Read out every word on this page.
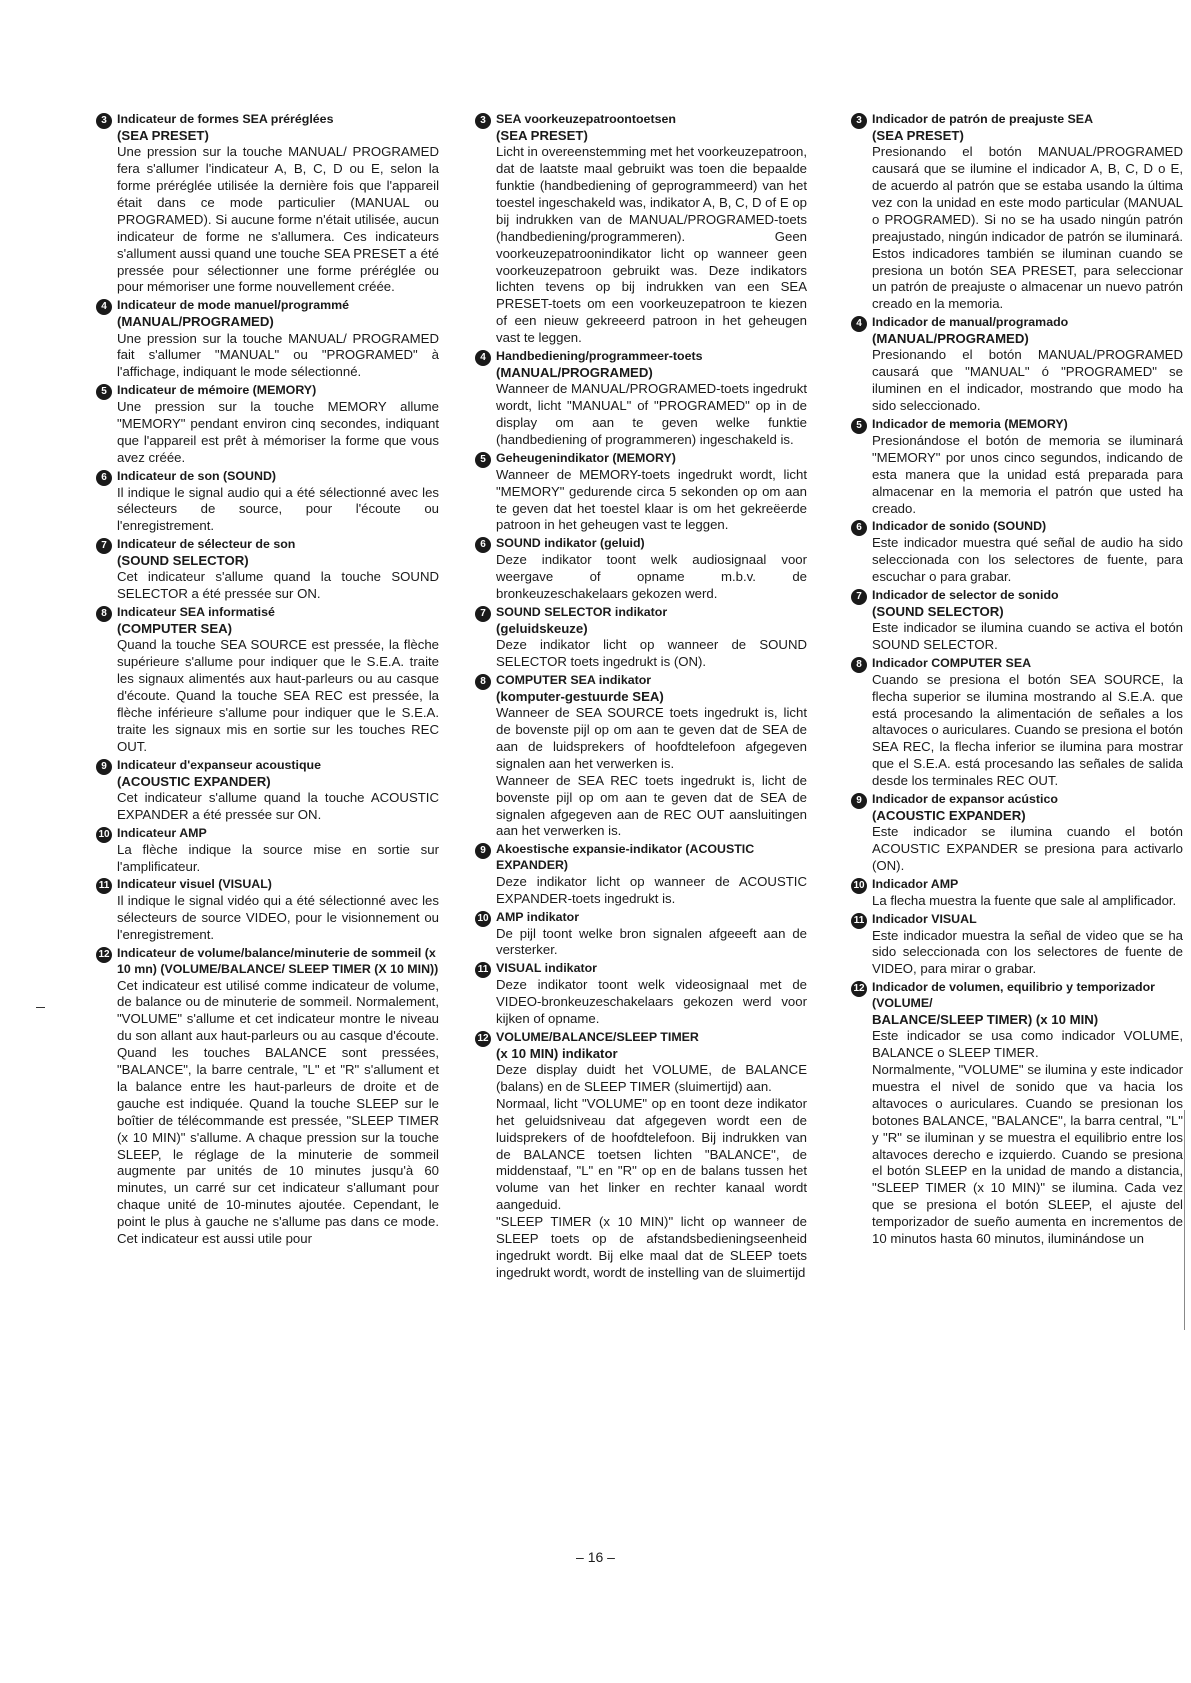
3 Indicateur de formes SEA préréglées
(SEA PRESET)
Une pression sur la touche MANUAL/ PROGRAMED fera s'allumer l'indicateur A, B, C, D ou E, selon la forme préréglée utilisée la dernière fois que l'appareil était dans ce mode particulier (MANUAL ou PROGRAMED). Si aucune forme n'était utilisée, aucun indicateur de forme ne s'allumera. Ces indicateurs s'allument aussi quand une touche SEA PRESET a été pressée pour sélectionner une forme préréglée ou pour mémoriser une forme nouvellement créée.
4 Indicateur de mode manuel/programmé
(MANUAL/PROGRAMED)
Une pression sur la touche MANUAL/ PROGRAMED fait s'allumer "MANUAL" ou "PROGRAMED" à l'affichage, indiquant le mode sélectionné.
5 Indicateur de mémoire (MEMORY)
Une pression sur la touche MEMORY allume "MEMORY" pendant environ cinq secondes, indiquant que l'appareil est prêt à mémoriser la forme que vous avez créée.
6 Indicateur de son (SOUND)
Il indique le signal audio qui a été sélectionné avec les sélecteurs de source, pour l'écoute ou l'enregistrement.
7 Indicateur de sélecteur de son
(SOUND SELECTOR)
Cet indicateur s'allume quand la touche SOUND SELECTOR a été pressée sur ON.
8 Indicateur SEA informatisé
(COMPUTER SEA)
Quand la touche SEA SOURCE est pressée, la flèche supérieure s'allume pour indiquer que le S.E.A. traite les signaux alimentés aux haut-parleurs ou au casque d'écoute. Quand la touche SEA REC est pressée, la flèche inférieure s'allume pour indiquer que le S.E.A. traite les signaux mis en sortie sur les touches REC OUT.
9 Indicateur d'expanseur acoustique
(ACOUSTIC EXPANDER)
Cet indicateur s'allume quand la touche ACOUSTIC EXPANDER a été pressée sur ON.
10 Indicateur AMP
La flèche indique la source mise en sortie sur l'amplificateur.
11 Indicateur visuel (VISUAL)
Il indique le signal vidéo qui a été sélectionné avec les sélecteurs de source VIDEO, pour le visionnement ou l'enregistrement.
12 Indicateur de volume/balance/minuterie de sommeil (x 10 mn) (VOLUME/BALANCE/ SLEEP TIMER (X 10 MIN))
Cet indicateur est utilisé comme indicateur de volume, de balance ou de minuterie de sommeil. Normalement, "VOLUME" s'allume et cet indicateur montre le niveau du son allant aux haut-parleurs ou au casque d'écoute. Quand les touches BALANCE sont pressées, "BALANCE", la barre centrale, "L" et "R" s'allument et la balance entre les haut-parleurs de droite et de gauche est indiquée. Quand la touche SLEEP sur le boîtier de télécommande est pressée, "SLEEP TIMER (x 10 MIN)" s'allume. A chaque pression sur la touche SLEEP, le réglage de la minuterie de sommeil augmente par unités de 10 minutes jusqu'à 60 minutes, un carré sur cet indicateur s'allumant pour chaque unité de 10-minutes ajoutée. Cependant, le point le plus à gauche ne s'allume pas dans ce mode. Cet indicateur est aussi utile pour
3 SEA voorkeuzepatroontoetsen
(SEA PRESET)
Licht in overeenstemming met het voorkeuzepatroon, dat de laatste maal gebruikt was toen die bepaalde funktie (handbediening of geprogrammeerd) van het toestel ingeschakeld was, indikator A, B, C, D of E op bij indrukken van de MANUAL/PROGRAMED-toets (handbediening/programmeren). Geen voorkeuzepatroonindikator licht op wanneer geen voorkeuzepatroon gebruikt was. Deze indikators lichten tevens op bij indrukken van een SEA PRESET-toets om een voorkeuzepatroon te kiezen of een nieuw gekreeerd patroon in het geheugen vast te leggen.
4 Handbediening/programmeer-toets
(MANUAL/PROGRAMED)
Wanneer de MANUAL/PROGRAMED-toets ingedrukt wordt, licht "MANUAL" of "PROGRAMED" op in de display om aan te geven welke funktie (handbediening of programmeren) ingeschakeld is.
5 Geheugenindikator (MEMORY)
Wanneer de MEMORY-toets ingedrukt wordt, licht "MEMORY" gedurende circa 5 sekonden op om aan te geven dat het toestel klaar is om het gekreëerde patroon in het geheugen vast te leggen.
6 SOUND indikator (geluid)
Deze indikator toont welk audiosignaal voor weergave of opname m.b.v. de bronkeuzeschakelaars gekozen werd.
7 SOUND SELECTOR indikator
(geluidskeuze)
Deze indikator licht op wanneer de SOUND SELECTOR toets ingedrukt is (ON).
8 COMPUTER SEA indikator
(komputer-gestuurde SEA)
Wanneer de SEA SOURCE toets ingedrukt is, licht de bovenste pijl op om aan te geven dat de SEA de aan de luidsprekers of hoofdtelefoon afgegeven signalen aan het verwerken is.
Wanneer de SEA REC toets ingedrukt is, licht de bovenste pijl op om aan te geven dat de SEA de signalen afgegeven aan de REC OUT aansluitingen aan het verwerken is.
9 Akoestische expansie-indikator (ACOUSTIC EXPANDER)
Deze indikator licht op wanneer de ACOUSTIC EXPANDER-toets ingedrukt is.
10 AMP indikator
De pijl toont welke bron signalen afgeeeft aan de versterker.
11 VISUAL indikator
Deze indikator toont welk videosignaal met de VIDEO-bronkeuzeschakelaars gekozen werd voor kijken of opname.
12 VOLUME/BALANCE/SLEEP TIMER
(x 10 MIN) indikator
Deze display duidt het VOLUME, de BALANCE (balans) en de SLEEP TIMER (sluimertijd) aan.
Normaal, licht "VOLUME" op en toont deze indikator het geluidsniveau dat afgegeven wordt een de luidsprekers of de hoofdtelefoon. Bij indrukken van de BALANCE toetsen lichten "BALANCE", de middenstaaf, "L" en "R" op en de balans tussen het volume van het linker en rechter kanaal wordt aangeduid.
"SLEEP TIMER (x 10 MIN)" licht op wanneer de SLEEP toets op de afstandsbedieningseenheid ingedrukt wordt. Bij elke maal dat de SLEEP toets ingedrukt wordt, wordt de instelling van de sluimertijd
3 Indicador de patrón de preajuste SEA
(SEA PRESET)
Presionando el botón MANUAL/PROGRAMED causará que se ilumine el indicador A, B, C, D o E, de acuerdo al patrón que se estaba usando la última vez con la unidad en este modo particular (MANUAL o PROGRAMED). Si no se ha usado ningún patrón preajustado, ningún indicador de patrón se iluminará. Estos indicadores también se iluminan cuando se presiona un botón SEA PRESET, para seleccionar un patrón de preajuste o almacenar un nuevo patrón creado en la memoria.
4 Indicador de manual/programado
(MANUAL/PROGRAMED)
Presionando el botón MANUAL/PROGRAMED causará que "MANUAL" ó "PROGRAMED" se iluminen en el indicador, mostrando que modo ha sido seleccionado.
5 Indicador de memoria (MEMORY)
Presionándose el botón de memoria se iluminará "MEMORY" por unos cinco segundos, indicando de esta manera que la unidad está preparada para almacenar en la memoria el patrón que usted ha creado.
6 Indicador de sonido (SOUND)
Este indicador muestra qué señal de audio ha sido seleccionada con los selectores de fuente, para escuchar o para grabar.
7 Indicador de selector de sonido
(SOUND SELECTOR)
Este indicador se ilumina cuando se activa el botón SOUND SELECTOR.
8 Indicador COMPUTER SEA
Cuando se presiona el botón SEA SOURCE, la flecha superior se ilumina mostrando al S.E.A. que está procesando la alimentación de señales a los altavoces o auriculares. Cuando se presiona el botón SEA REC, la flecha inferior se ilumina para mostrar que el S.E.A. está procesando las señales de salida desde los terminales REC OUT.
9 Indicador de expansor acústico
(ACOUSTIC EXPANDER)
Este indicador se ilumina cuando el botón ACOUSTIC EXPANDER se presiona para activarlo (ON).
10 Indicador AMP
La flecha muestra la fuente que sale al amplificador.
11 Indicador VISUAL
Este indicador muestra la señal de video que se ha sido seleccionada con los selectores de fuente de VIDEO, para mirar o grabar.
12 Indicador de volumen, equilibrio y temporizador (VOLUME/
BALANCE/SLEEP TIMER) (x 10 MIN)
Este indicador se usa como indicador VOLUME, BALANCE o SLEEP TIMER.
Normalmente, "VOLUME" se ilumina y este indicador muestra el nivel de sonido que va hacia los altavoces o auriculares. Cuando se presionan los botones BALANCE, "BALANCE", la barra central, "L" y "R" se iluminan y se muestra el equilibrio entre los altavoces derecho e izquierdo. Cuando se presiona el botón SLEEP en la unidad de mando a distancia, "SLEEP TIMER (x 10 MIN)" se ilumina. Cada vez que se presiona el botón SLEEP, el ajuste del temporizador de sueño aumenta en incrementos de 10 minutos hasta 60 minutos, iluminándose un
– 16 –
